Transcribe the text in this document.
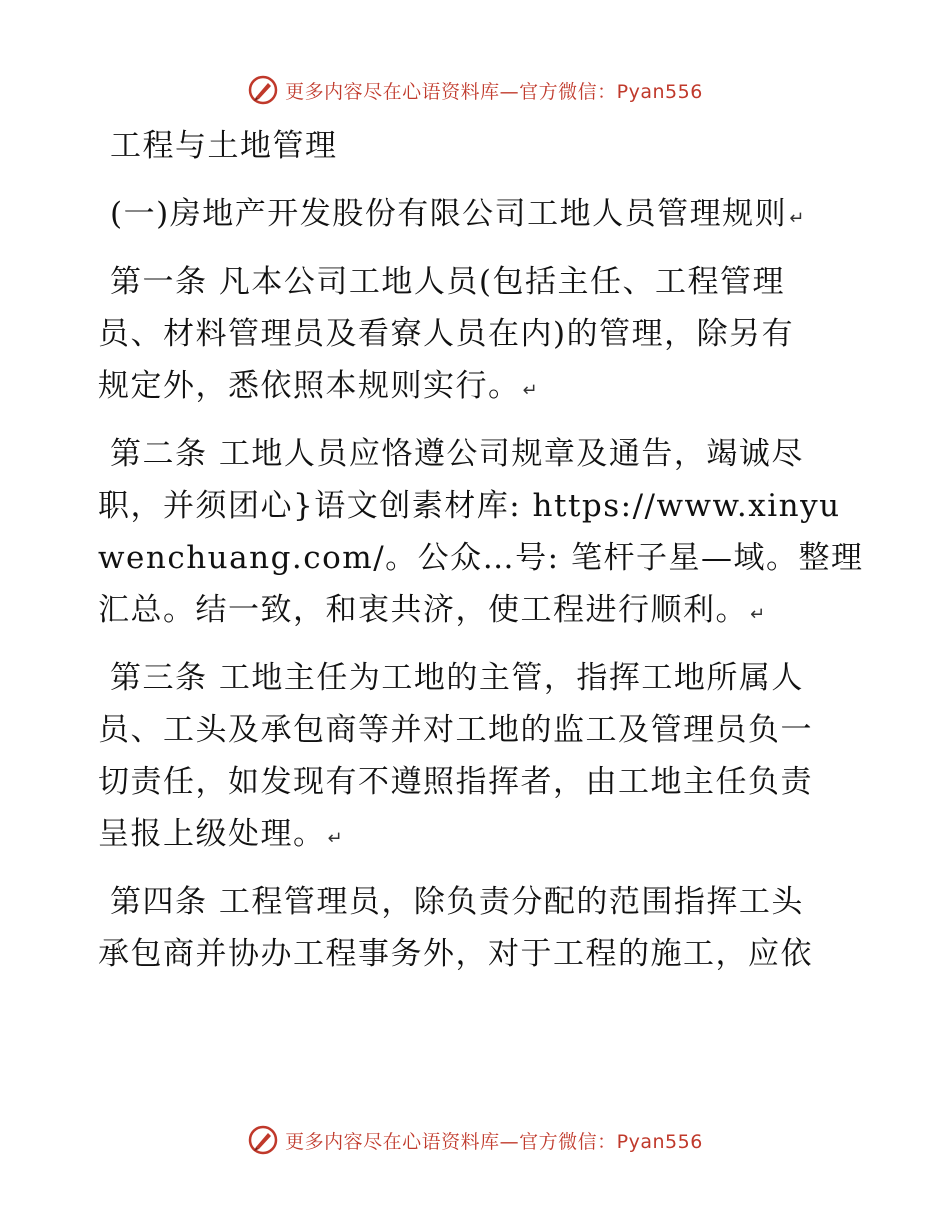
更多内容尽在心语资料库—官方微信：Pyan556
工程与土地管理
(一)房地产开发股份有限公司工地人员管理规则 ↵
第一条 凡本公司工地人员(包括主任、工程管理
员、材料管理员及看寮人员在内)的管理，除另有
规定外，悉依照本规则实行。 ↵
第二条 工地人员应恪遵公司规章及通告，竭诚尽
职，并须团心}语文创素材库: https://www.xinyu
wenchuang.com/。公众…号: 笔杆子星—域。整理
汇总。结一致，和衷共济，使工程进行顺利。 ↵
第三条 工地主任为工地的主管，指挥工地所属人
员、工头及承包商等并对工地的监工及管理员负一
切责任，如发现有不遵照指挥者，由工地主任负责
呈报上级处理。 ↵
第四条 工程管理员，除负责分配的范围指挥工头
承包商并协办工程事务外，对于工程的施工，应依
更多内容尽在心语资料库—官方微信：Pyan556
